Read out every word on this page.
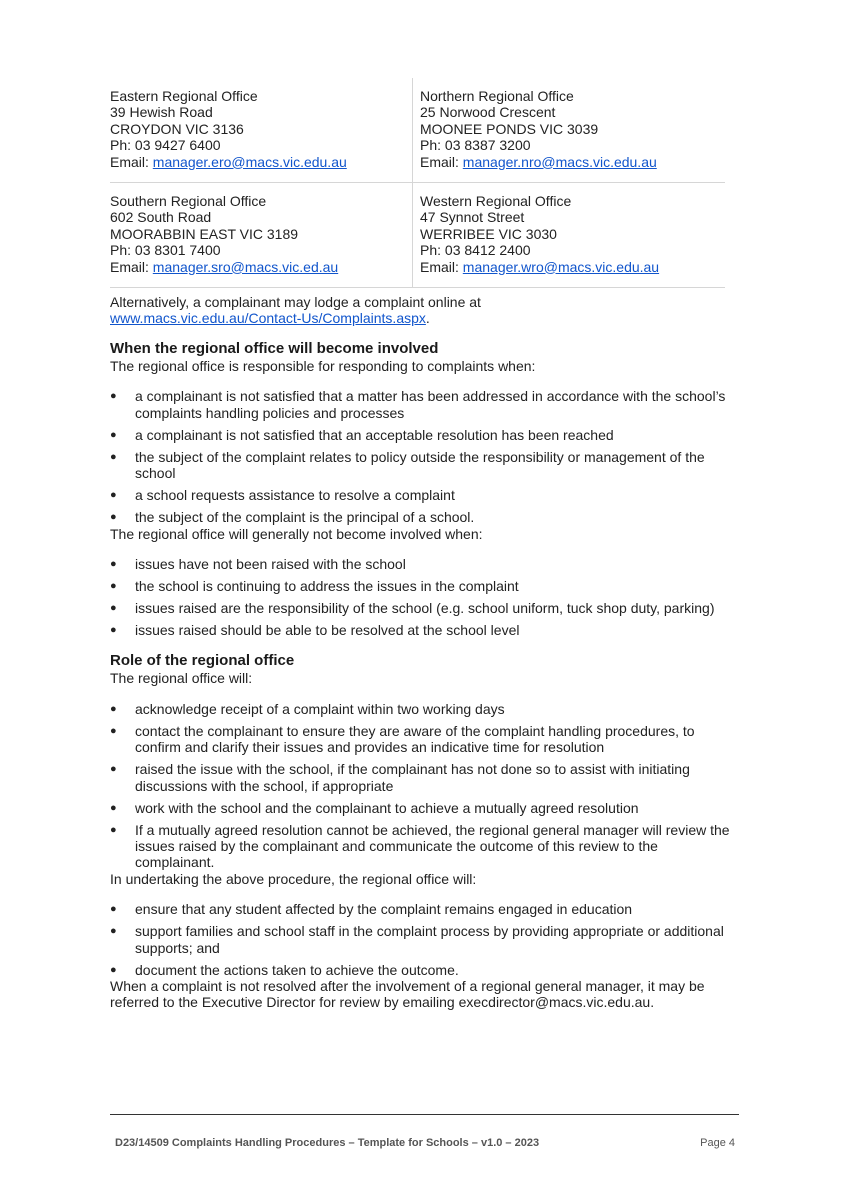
Eastern Regional Office
39 Hewish Road
CROYDON VIC 3136
Ph: 03 9427 6400
Email: manager.ero@macs.vic.edu.au
Northern Regional Office
25 Norwood Crescent
MOONEE PONDS VIC 3039
Ph: 03 8387 3200
Email: manager.nro@macs.vic.edu.au
Southern Regional Office
602 South Road
MOORABBIN EAST VIC 3189
Ph: 03 8301 7400
Email: manager.sro@macs.vic.ed.au
Western Regional Office
47 Synnot Street
WERRIBEE VIC 3030
Ph: 03 8412 2400
Email: manager.wro@macs.vic.edu.au

Alternatively, a complainant may lodge a complaint online at
www.macs.vic.edu.au/Contact-Us/Complaints.aspx.

When the regional office will become involved

The regional office is responsible for responding to complaints when:

● a complainant is not satisfied that a matter has been addressed in accordance with the school’s complaints handling policies and processes
● a complainant is not satisfied that an acceptable resolution has been reached
● the subject of the complaint relates to policy outside the responsibility or management of the school
● a school requests assistance to resolve a complaint
● the subject of the complaint is the principal of a school.

The regional office will generally not become involved when:

● issues have not been raised with the school
● the school is continuing to address the issues in the complaint
● issues raised are the responsibility of the school (e.g. school uniform, tuck shop duty, parking)
● issues raised should be able to be resolved at the school level
Role of the regional office

The regional office will:

● acknowledge receipt of a complaint within two working days
● contact the complainant to ensure they are aware of the complaint handling procedures, to confirm and clarify their issues and provides an indicative time for resolution
● raised the issue with the school, if the complainant has not done so to assist with initiating discussions with the school, if appropriate
● work with the school and the complainant to achieve a mutually agreed resolution
● If a mutually agreed resolution cannot be achieved, the regional general manager will review the issues raised by the complainant and communicate the outcome of this review to the complainant.

In undertaking the above procedure, the regional office will:

● ensure that any student affected by the complaint remains engaged in education
● support families and school staff in the complaint process by providing appropriate or additional supports; and
● document the actions taken to achieve the outcome.

When a complaint is not resolved after the involvement of a regional general manager, it may be referred to the Executive Director for review by emailing execdirector@macs.vic.edu.au.

D23/14509 Complaints Handling Procedures – Template for Schools – v1.0 – 2023	Page 4
